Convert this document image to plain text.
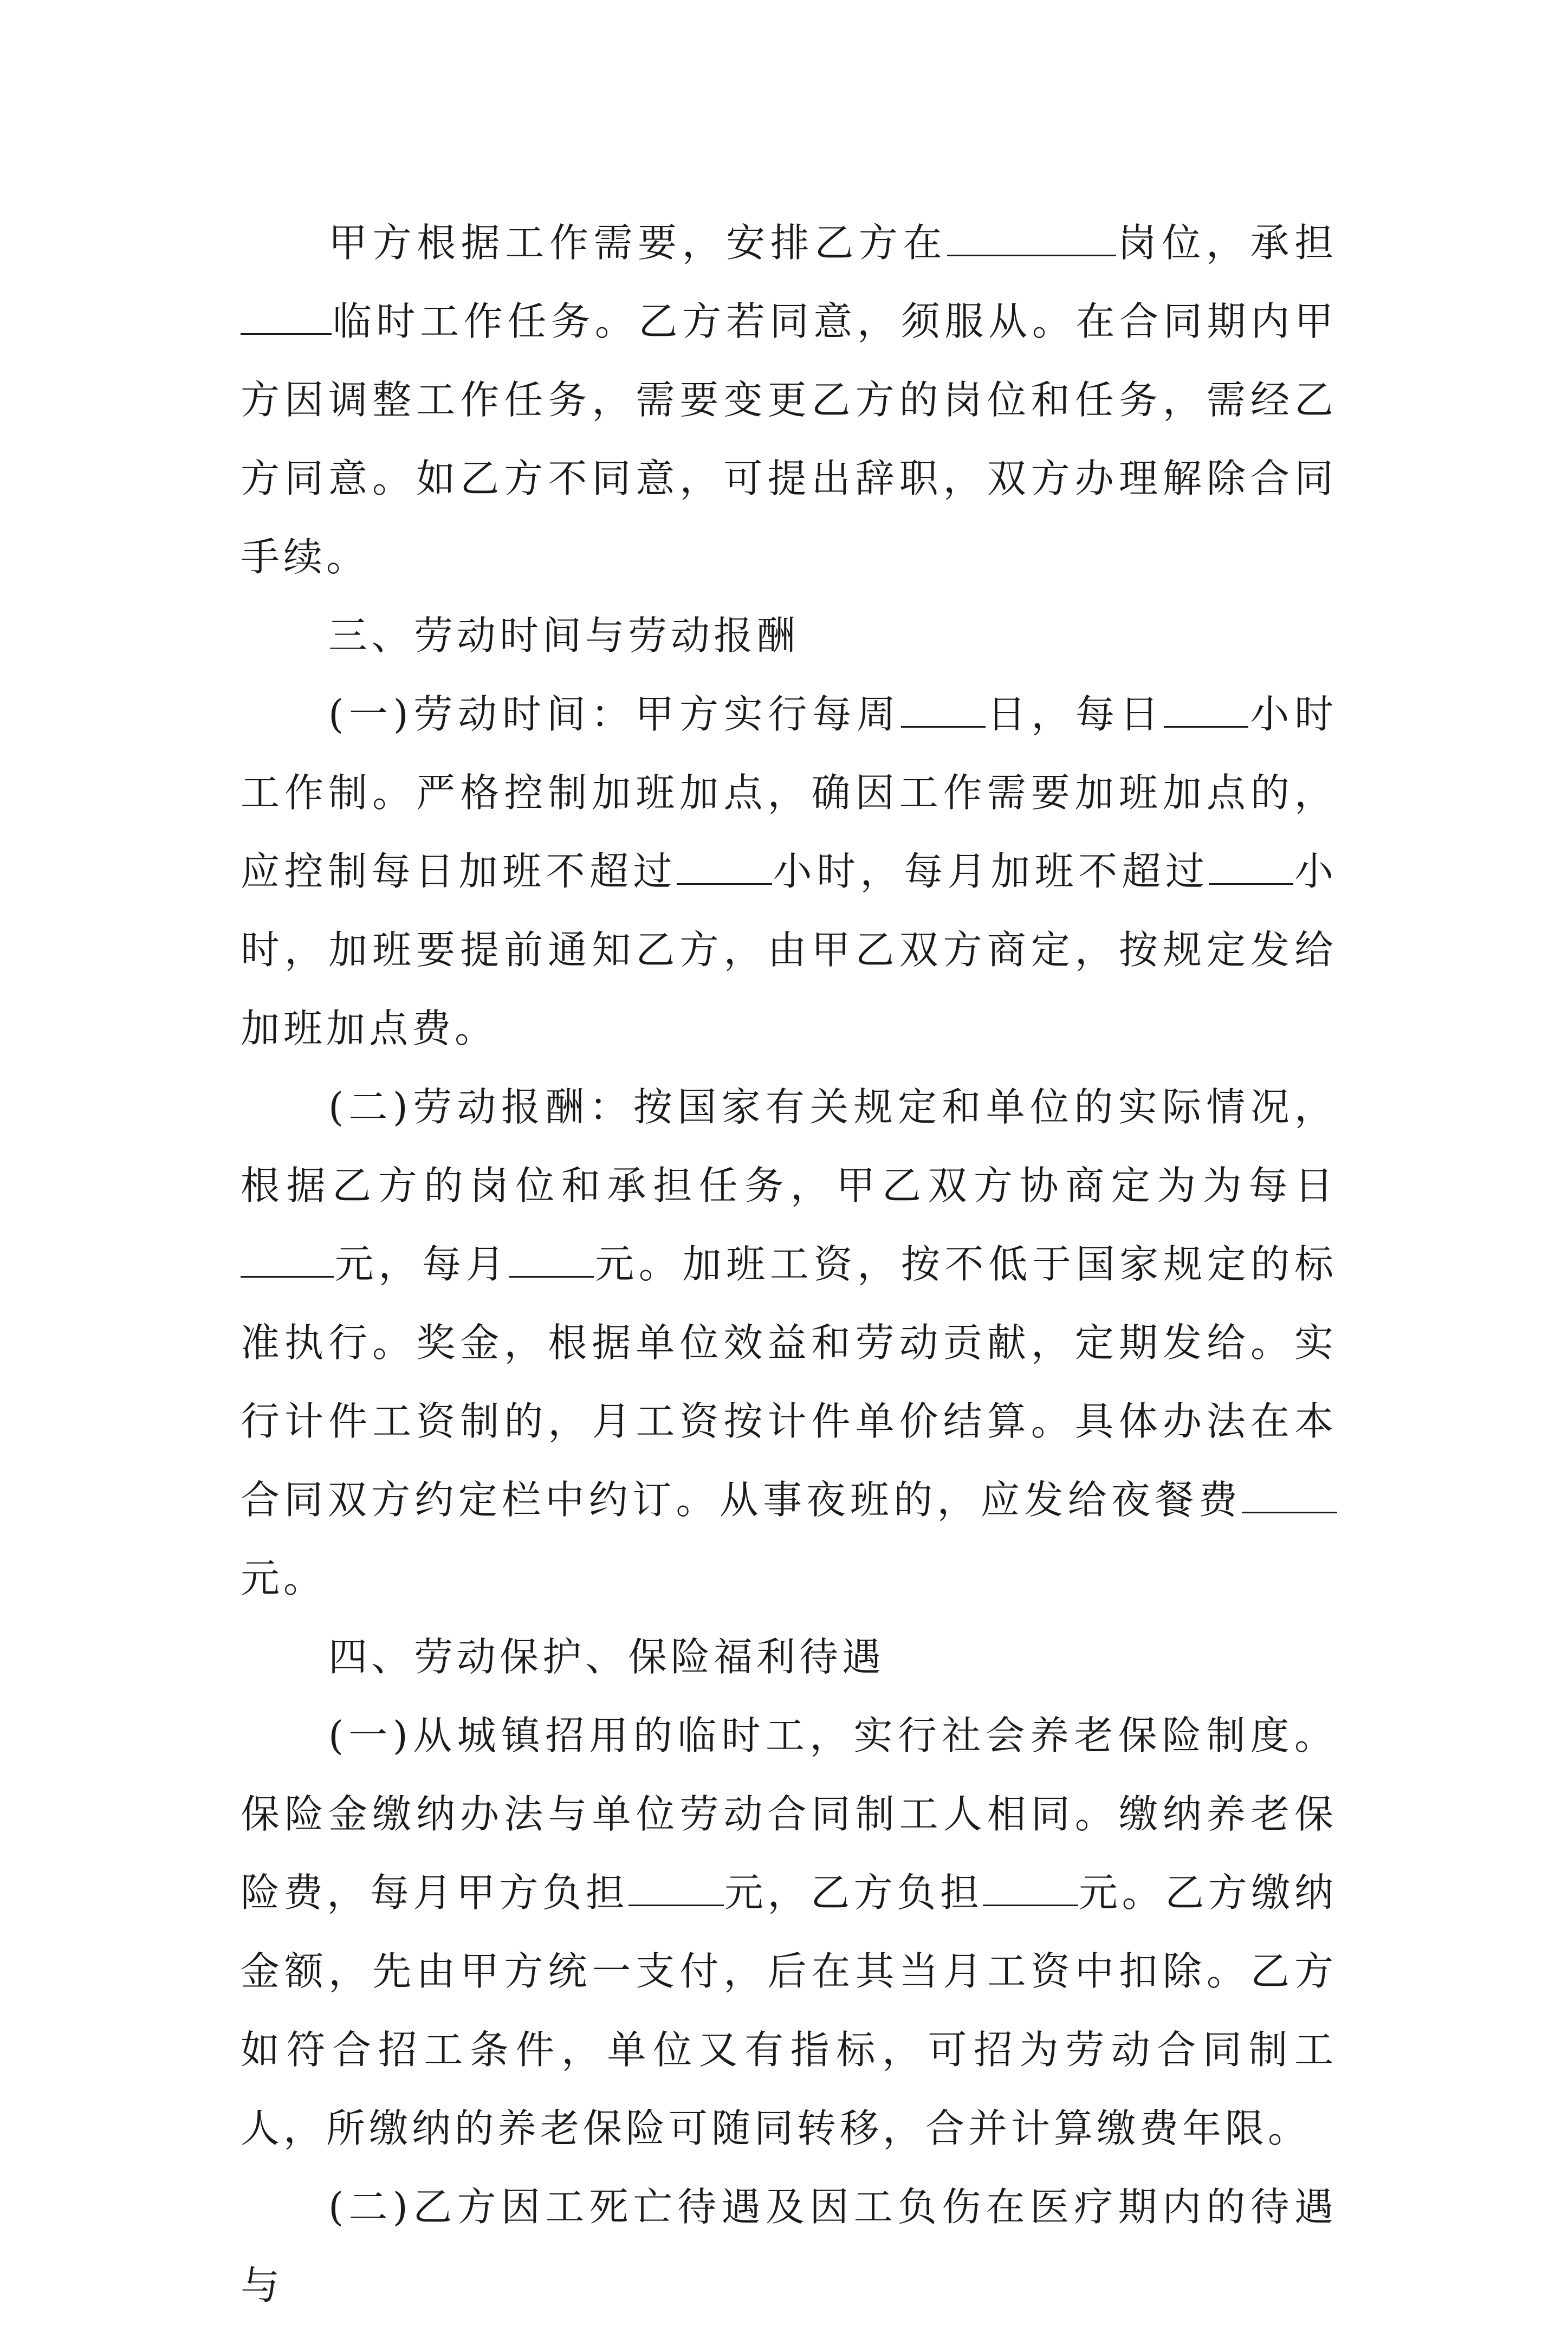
甲方根据工作需要，安排乙方在	岗位，承担临时工作任务。乙方若同意，须服从。在合同期内甲方因调整工作任务，需要变更乙方的岗位和任务，需经乙方同意。如乙方不同意，可提出辞职，双方办理解除合同手续。

三、劳动时间与劳动报酬

(一)劳动时间：甲方实行每周 日，每日 小时工作制。严格控制加班加点，确因工作需要加班加点的，应控制每日加班不超过 小时，每月加班不超过 小时，加班要提前通知乙方，由甲乙双方商定，按规定发给加班加点费。

(二)劳动报酬：按国家有关规定和单位的实际情况，根据乙方的岗位和承担任务，甲乙双方协商定为为每日元，每月 元。加班工资，按不低于国家规定的标准执行。奖金，根据单位效益和劳动贡献，定期发给。实行计件工资制的，月工资按计件单价结算。具体办法在本合同双方约定栏中约订。从事夜班的，应发给夜餐费元。

四、劳动保护、保险福利待遇

(一)从城镇招用的临时工，实行社会养老保险制度。保险金缴纳办法与单位劳动合同制工人相同。缴纳养老保险费，每月甲方负担 元，乙方负担 元。乙方缴纳金额，先由甲方统一支付，后在其当月工资中扣除。乙方如符合招工条件，单位又有指标，可招为劳动合同制工人，所缴纳的养老保险可随同转移，合并计算缴费年限。

(二)乙方因工死亡待遇及因工负伤在医疗期内的待遇与
